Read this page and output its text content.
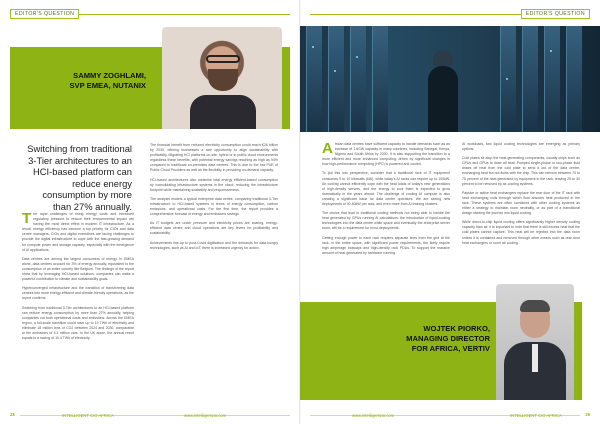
EDITOR'S QUESTION
SAMMY ZOGHLAMI,
SVP EMEA, NUTANIX
Switching from traditional 3-Tier architectures to an HCI-based platform can reduce energy consumption by more than 27% annually.

The rapid challenges of rising energy costs and increased regulatory pressure to reduce their environmental impact are having the most direct effect in modern IT infrastructure. As a result, energy efficiency has become a top priority for CIOs and data centre managers. CIOs and digital executives are facing challenges to provide the digital infrastructure to cope with the fast-growing demand for compute power and storage capacity, especially with the emergence of AI applications.

Data centres are among the largest consumers of energy. In EMEA alone, data centres account for 3% of energy annually, equivalent to the consumption of an entire country like Belgium. The findings of the report show that by leveraging HCI-based solutions, companies can make a powerful contribution to climate and sustainability goals.

Hyperconverged infrastructure and the transition of transforming data centres into more energy-efficient and climate-friendly operations, as the report confirms.

Switching from traditional 3-Tier architectures to an HCI-based platform can reduce energy consumption by more than 27% annually, helping companies cut both operational costs and emissions. Across the EMEA region, a full-scale transition could save up to 19 TWh of electricity and eliminate 18 million tons of CO2 between 2024 and 2030, comparable to the emissions of 4.1 million cars. In the UK alone, the annual result equals to a saving of 10.4 TWh of electricity.

The financial benefit from reduced electricity consumption could reach €26 billion by 2030, offering businesses a rare opportunity to align sustainability with profitability. Migrating HCI platforms on-site, hybrid or in public cloud environments regardless these benefits, with potential energy savings reaching as high as 94% compared to traditional on-premises data centres. This is due to the low PUE of Public Cloud Providers as well as the flexibility in providing on-demand capacity.

HCI-based architectures also minimise total energy efficient-based consumption by consolidating infrastructure systems in the cloud, reducing the infrastructure footprint while maintaining scalability and responsiveness.

The analysis models a typical enterprise data centre, comparing traditional 3-Tier infrastructure to HCI-based systems in terms of energy consumption, carbon emissions, and operational costs. For the first time, the report provides a comprehensive forecast of energy and emissions savings.

As IT budgets are under pressure and electricity prices are soaring, energy-efficient data centre and cloud operations are key levers for profitability and sustainability.

Achievements line-up to post-Covid digitisation and the demands for data-hungry technologies, such as AI and IoT, there is increased urgency for action.

28	INTELLIGENT CIO AFRICA	www.intelligentcio.com
EDITOR'S QUESTION

African data centres have sufficient capacity to handle demands such as an increase of 1.6GW capacity in many countries, including Senegal, Kenya, Nigeria and South Africa by 2030. It is also supporting the transition to a more efficient and more enhanced computing, driven by significant changes in how high-performance computing (HPC) is powered and cooled.

To put this into perspective, consider that a traditional rack of IT equipment consumes 5 to 10 kilowatts (kW), while today's AI racks can require up to 100kW. Air cooling cannot efficiently cope with the heat loads of today's new generations of high-density servers, and the energy to cool them is expected to grow dramatically in the years ahead. The challenge of cooling AI compute is also creating a significant issue for data centre operators. We are seeing new deployments of 40-80kW per rack, and even more from AI training clusters.

The choice that lead to traditional cooling methods not being able to handle the heat generated by GPUs running AI calculations, the introduction of liquid-cooling technologies into the data centre white space and eventually the enterprise server room, will be a requirement for most deployments.

Getting enough power to each rack requires separate lines from the grid at the rack, in the entire space, with significant power requirements, the likely require high amperage busways and high-density rack PDUs. To support the massive amount of heat generated by hardware running

AI workloads, two liquid cooling technologies are emerging as primary options.

Cold plates sit atop the heat-generating components, usually chips such as CPUs and GPUs to draw off heat. Pumped single-phase or two-phase fluid draws off heat from the cold plate to send it out of the data centre, exchanging heat but not fluids with the chip. This can remove between 70 to 75 percent of the heat generated by equipment in the rack, leaving 25 to 30 percent to be removed by air-cooling systems.

Passive or active heat exchangers replace the rear door of the IT rack with heat exchanging coils through which fluid absorbs heat produced in the rack. These systems are often combined with other cooling systems as either a strategy to maintain room neutrality, or as part of a transitional design starting the journey into liquid cooling.

While direct-to-chip liquid cooling offers significantly higher density cooling capacity than air, it is important to note that there is still excess heat that the cold plates cannot capture. This heat will be rejected into the data room unless it is contained and removed through other means such as rear-door heat exchangers or room air cooling.

WOJTEK PIORKO,
MANAGING DIRECTOR
FOR AFRICA, VERTIV
www.intelligentcio.com	INTELLIGENT CIO AFRICA	29
